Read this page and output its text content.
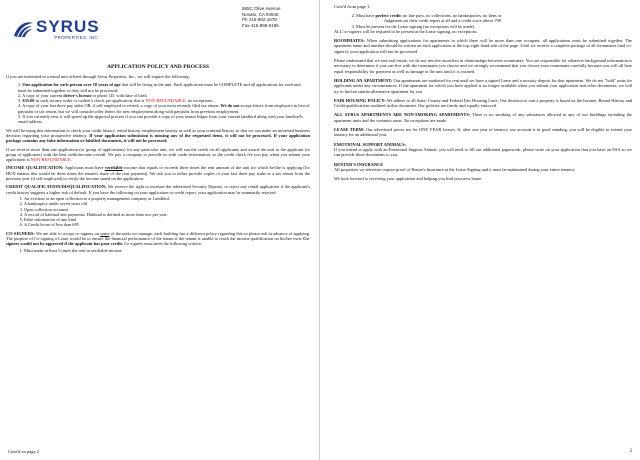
SYRUS
PROPERTIES, INC.
885C Olive Avenue
Novato, CA 94945
Ph 415-892-1678
Fax 415-898-6186
APPLICATION POLICY AND PROCESS

If you are interested in a rental unit offered through Syrus Properties, Inc., we will require the following:

1. One application for each person over 18 years of age that will be living in the unit. Each application must be COMPLETE and all applications for each unit must be submitted together or they will not be processed.
2. A copy of your current driver's license or photo I.D. with date of birth.
3. $35.00 in cash, money order or cashier's check per application, this is NON-REFUNDABLE, no exceptions.
4. A copy of your last three pay stubs OR, if self employed or retired, a copy of your most recently filed tax return. We do not accept letters from employers in lieu of paystubs or tax return, but we will consider offer letters for new employment along with paystubs from previous employment.
5. If you currently rent, it will speed up the approval process if you can provide a copy of your tenant ledger from your current landlord along with your landlord's email address.

We will be using this information to check your credit history, rental history, employment history as well as your criminal history so that we can make an informed business decision regarding your prospective tenancy. If your application submission is missing any of the requested items, it will not be processed. If your application package contains any false information or falsified documents, it will not be processed.

If we receive more than one application (or group of applications) for any particular unit, we will run the credit on all applicants and award the unit to the applicant (or group of applicants) with the best credit/income overall. We pay a company to provide us with credit information, so the credit check fee you pay when you submit your application is NON-REFUNDABLE.

INCOME QUALIFICATION: Applicants must have verifiable income that equals or exceeds three times the rent amount of the unit for which he/she is applying (for HUD tenants this would be three times the tenant's share of the rent payment). We ask you to either provide copies of your last three pay stubs or a tax return from the previous year (if self employed) to verify the income stated on the application.

CREDIT QUALIFICATION/DISQUALIFICATION: We reserve the right to increase the advertised Security Deposit, or reject any rental application if the applicant's credit history suggests a higher risk of default. If you have the following on your application or credit report, your application may be summarily rejected:

1. An eviction or an open collection to a property management company or Landlord.
2. A bankruptcy under seven years old
3. Open collection accounts
4. A record of habitual late payments. Habitual is defined as more than two per year.
5. False information of any kind
6. A Credit Score of less than 685

CO-SIGNERS: We are able to accept co-signers on some of the units we manage, each building has a different policy regarding this so please ask in advance of applying. The purpose of Co-signing a Lease would be to ensure the financial performance of the tenant if the tenant is unable to reach the income qualification on his/her own. Co-signers would not be approved if the applicant has poor credit. Co-signers must meet the following criteria:

1. Must make at least 5 times the rent in verifiable income
Cont'd on page 2
Cont'd from page 1:
2. Must have perfect credit: no late pays, no collections, no bankruptcies, no liens or
Judgments on their credit report at all and a credit score above 700
3. Must be present for the Lease signing (no exceptions will be made).

ALL co-signers will be required to be present at the Lease signing, no exceptions.

ROOMMATES: When submitting applications for apartments in which there will be more than one occupant, all applications must be submitted together. The apartment name and number should be written on each application at the top, right hand side of the page. Until we receive a complete package of all roommates (and co-signers), your application will not be processed.

Please understand that we rent real estate, we do not involve ourselves in relationships between roommates. You are responsible for whatever background information is necessary to determine if you can live with the roommates you choose and we strongly recommend that you choose your roommates carefully because you will all bear equal responsibility for payment as well as damage to the unit until it is vacated.

HOLDING AN APARTMENT: Our apartments are marketed for rent until we have a signed Lease and a security deposit for that apartment. We do not "hold" units for applicants under any circumstances. If the apartment for which you have applied is no longer available when you submit your application and other documents, we will try to find an similar alternative apartment for you

FAIR HOUSING POLICY: We adhere to all State, County and Federal Fair Housing Laws. Our decision to rent a property is based on the Income, Rental History and Credit qualifications outlined in this document. Our policies are firmly and equally enforced.

ALL SYRUS APARTMENTS ARE NON-SMOKING APARTMENTS: There is no smoking of any substances allowed in any of our buildings including the apartment units and the common areas. No exceptions are made.

LEASE TERM: Our advertised prices are for ONE YEAR Leases. If, after one year of tenancy, our account is in good standing, you will be eligible to extend your tenancy for an additional year.

EMOTIONAL SUPPORT ANIMALS:

If you intend to apply with an Emotional Support Animal, you will need to fill out additional paperwork, please write on your application that you have an ESA so we can provide those documents to you.

RENTER'S INSURANCE

All properties we advertise require proof of Renter's Insurance at the Lease Signing and it must be maintained during your entire tenancy.

We look forward to receiving your application and helping you find your new home.

2
